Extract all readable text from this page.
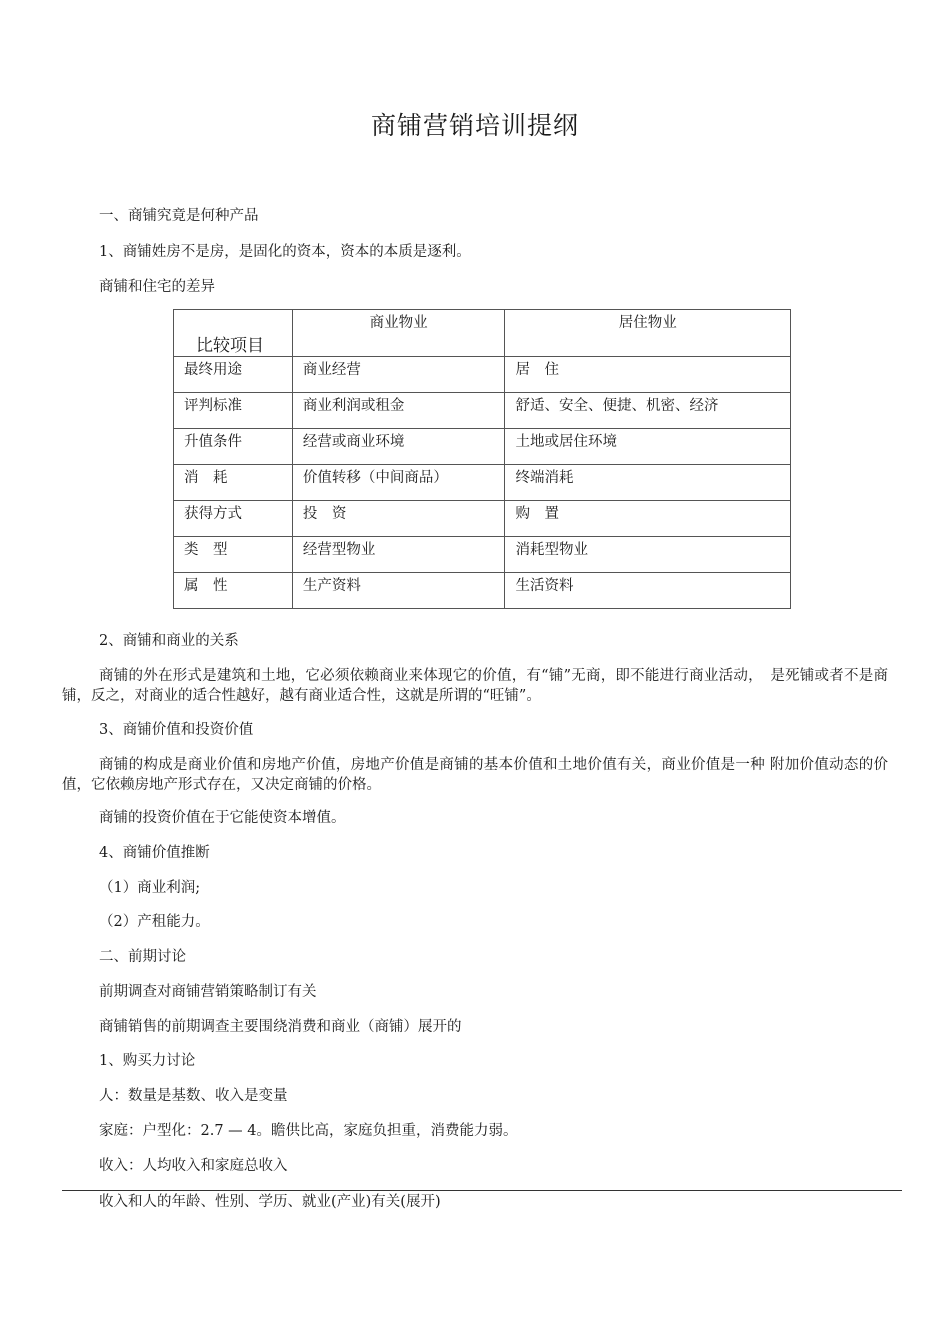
商铺营销培训提纲
一、商铺究竟是何种产品
1、商铺姓房不是房，是固化的资本，资本的本质是逐利。
商铺和住宅的差异
比较项目	商业物业	居住物业
最终用途	商业经营	居　住
评判标准	商业利润或租金	舒适、安全、便捷、机密、经济
升值条件	经营或商业环境	土地或居住环境
消　耗	价值转移（中间商品）	终端消耗
获得方式	投　资	购　置
类　型	经营型物业	消耗型物业
属　性	生产资料	生活资料
2、商铺和商业的关系
商铺的外在形式是建筑和土地，它必须依赖商业来体现它的价值，有“铺”无商，即不能进行商业活动，　是死铺或者不是商铺，反之，对商业的适合性越好，越有商业适合性，这就是所谓的“旺铺”。
3、商铺价值和投资价值
商铺的构成是商业价值和房地产价值，房地产价值是商铺的基本价值和土地价值有关，商业价值是一种 附加价值动态的价值，它依赖房地产形式存在，又决定商铺的价格。
商铺的投资价值在于它能使资本增值。
4、商铺价值推断
（1）商业利润;
（2）产租能力。
二、前期讨论
前期调查对商铺营销策略制订有关
商铺销售的前期调查主要围绕消费和商业（商铺）展开的
1、购买力讨论
人：数量是基数、收入是变量
家庭：户型化：2.7 — 4。瞻供比高，家庭负担重，消费能力弱。
收入：人均收入和家庭总收入
收入和人的年龄、性别、学历、就业(产业)有关(展开)
